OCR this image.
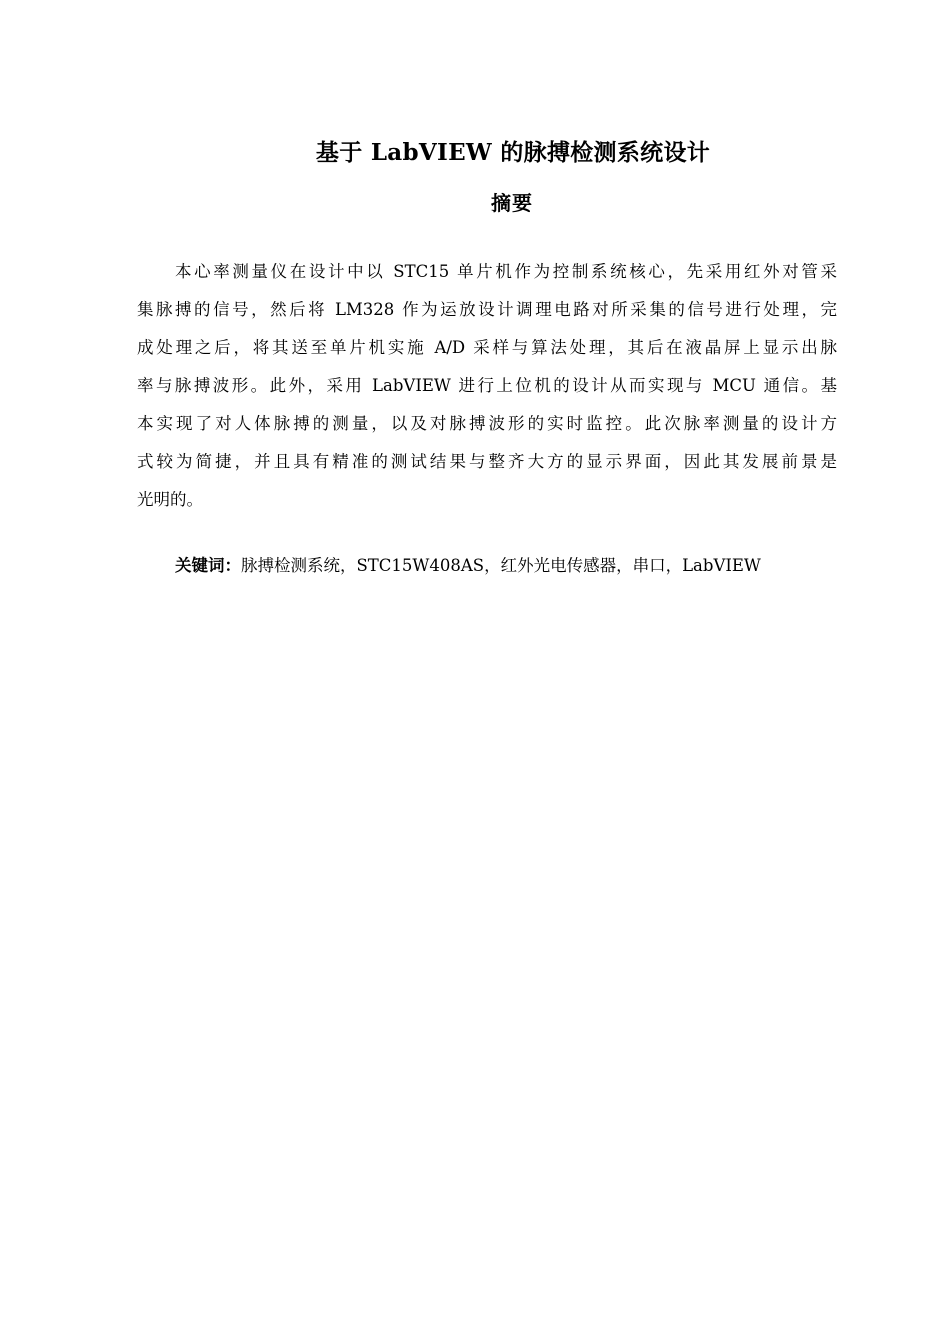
基于 LabVIEW 的脉搏检测系统设计
摘要
本心率测量仪在设计中以 STC15 单片机作为控制系统核心，先采用红外对管采
集脉搏的信号，然后将 LM328 作为运放设计调理电路对所采集的信号进行处理，完
成处理之后，将其送至单片机实施 A/D 采样与算法处理，其后在液晶屏上显示出脉
率与脉搏波形。此外，采用 LabVIEW 进行上位机的设计从而实现与 MCU 通信。基
本实现了对人体脉搏的测量，以及对脉搏波形的实时监控。此次脉率测量的设计方
式较为简捷，并且具有精准的测试结果与整齐大方的显示界面，因此其发展前景是
光明的。
关键词：脉搏检测系统，STC15W408AS，红外光电传感器，串口，LabVIEW
